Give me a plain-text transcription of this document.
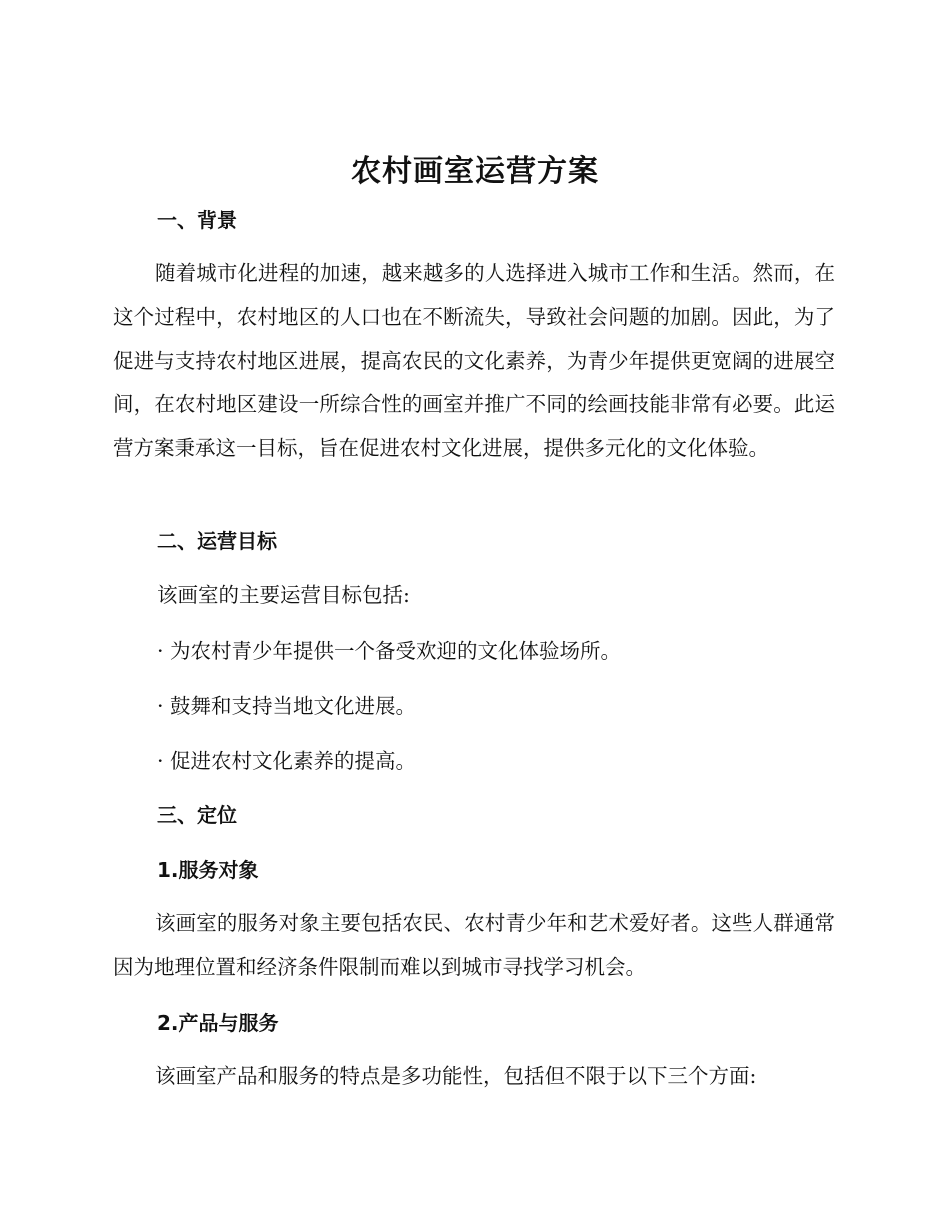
农村画室运营方案
一、背景
随着城市化进程的加速，越来越多的人选择进入城市工作和生活。然而，在这个过程中，农村地区的人口也在不断流失，导致社会问题的加剧。因此，为了促进与支持农村地区进展，提高农民的文化素养，为青少年提供更宽阔的进展空间，在农村地区建设一所综合性的画室并推广不同的绘画技能非常有必要。此运营方案秉承这一目标，旨在促进农村文化进展，提供多元化的文化体验。
二、运营目标
该画室的主要运营目标包括:
· 为农村青少年提供一个备受欢迎的文化体验场所。
· 鼓舞和支持当地文化进展。
· 促进农村文化素养的提高。
三、定位
1.服务对象
该画室的服务对象主要包括农民、农村青少年和艺术爱好者。这些人群通常因为地理位置和经济条件限制而难以到城市寻找学习机会。
2.产品与服务
该画室产品和服务的特点是多功能性，包括但不限于以下三个方面:
